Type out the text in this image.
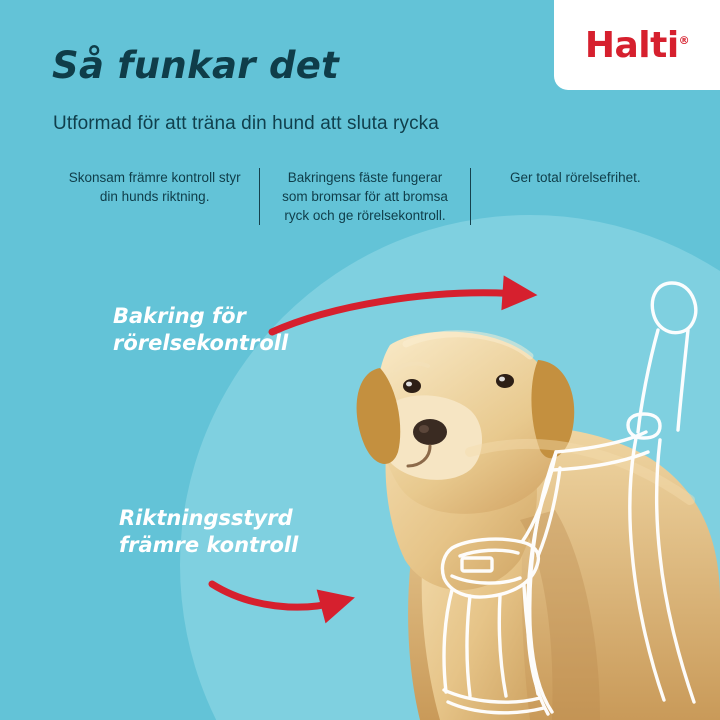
Halti®
Så funkar det
Utformad för att träna din hund att sluta rycka
Skonsam främre kontroll styr din hunds riktning.
Bakringens fäste fungerar som bromsar för att bromsa ryck och ge rörelsekontroll.
Ger total rörelsefrihet.
Bakring för
rörelsekontroll
Riktningsstyrd
främre kontroll
